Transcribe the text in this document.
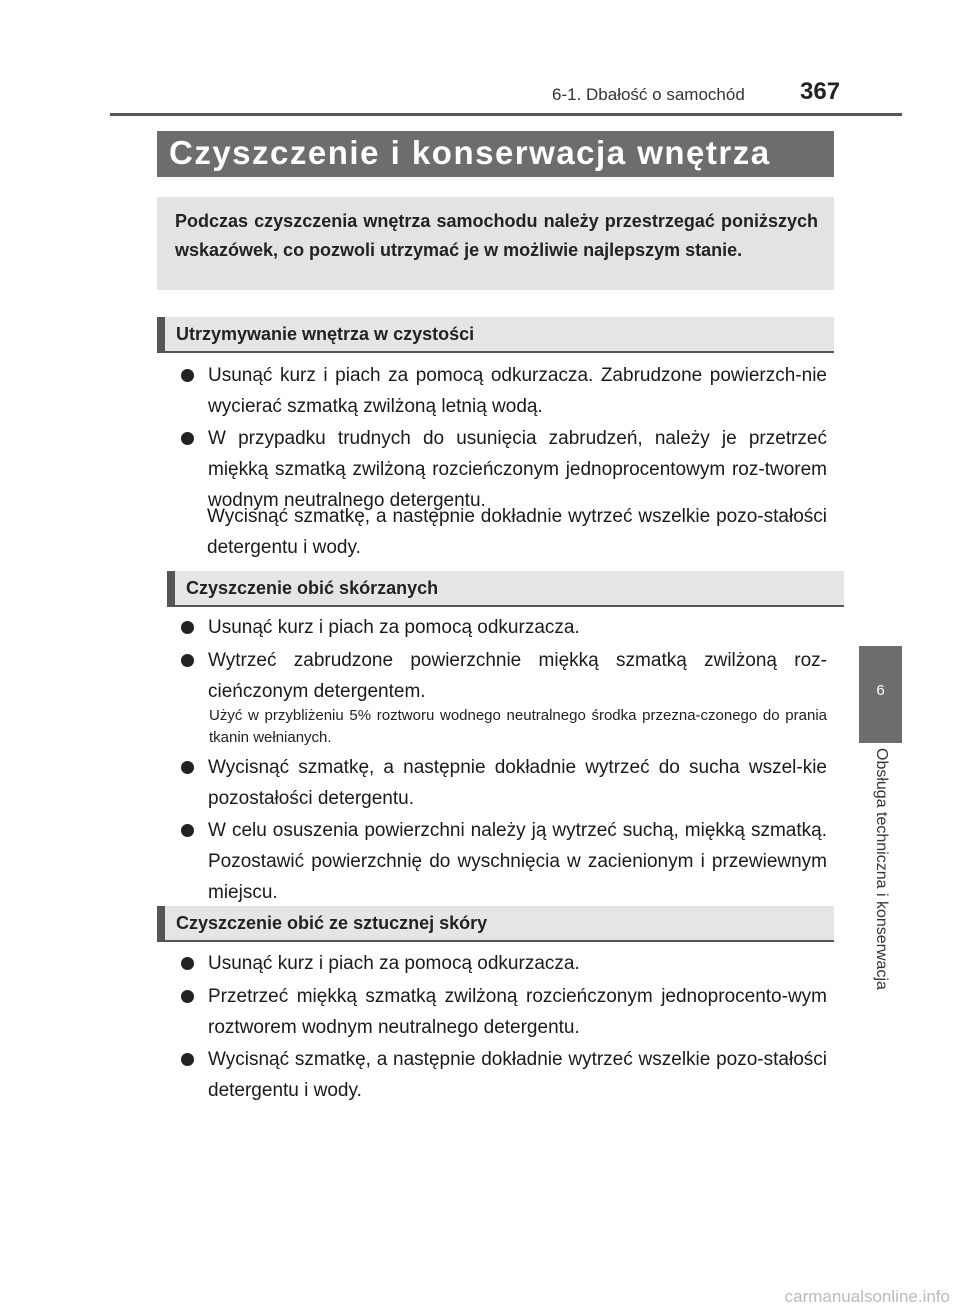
6-1. Dbałość o samochód 367
Czyszczenie i konserwacja wnętrza
Podczas czyszczenia wnętrza samochodu należy przestrzegać poniższych wskazówek, co pozwoli utrzymać je w możliwie najlepszym stanie.
Utrzymywanie wnętrza w czystości
Usunąć kurz i piach za pomocą odkurzacza. Zabrudzone powierzch-nie wycierać szmatką zwilżoną letnią wodą.
W przypadku trudnych do usunięcia zabrudzeń, należy je przetrzeć miękką szmatką zwilżoną rozcieńczonym jednoprocentowym roz-tworem wodnym neutralnego detergentu.
Wycisnąć szmatkę, a następnie dokładnie wytrzeć wszelkie pozo-stałości detergentu i wody.
Czyszczenie obić skórzanych
Usunąć kurz i piach za pomocą odkurzacza.
Wytrzeć zabrudzone powierzchnie miękką szmatką zwilżoną roz-cieńczonym detergentem.
Użyć w przybliżeniu 5% roztworu wodnego neutralnego środka przezna-czonego do prania tkanin wełnianych.
Wycisnąć szmatkę, a następnie dokładnie wytrzeć do sucha wszel-kie pozostałości detergentu.
W celu osuszenia powierzchni należy ją wytrzeć suchą, miękką szmatką. Pozostawić powierzchnię do wyschnięcia w zacienionym i przewiewnym miejscu.
Czyszczenie obić ze sztucznej skóry
Usunąć kurz i piach za pomocą odkurzacza.
Przetrzeć miękką szmatką zwilżoną rozcieńczonym jednoprocento-wym roztworem wodnym neutralnego detergentu.
Wycisnąć szmatkę, a następnie dokładnie wytrzeć wszelkie pozo-stałości detergentu i wody.
6
Obsługa techniczna i konserwacja
carmanualsonline.info
